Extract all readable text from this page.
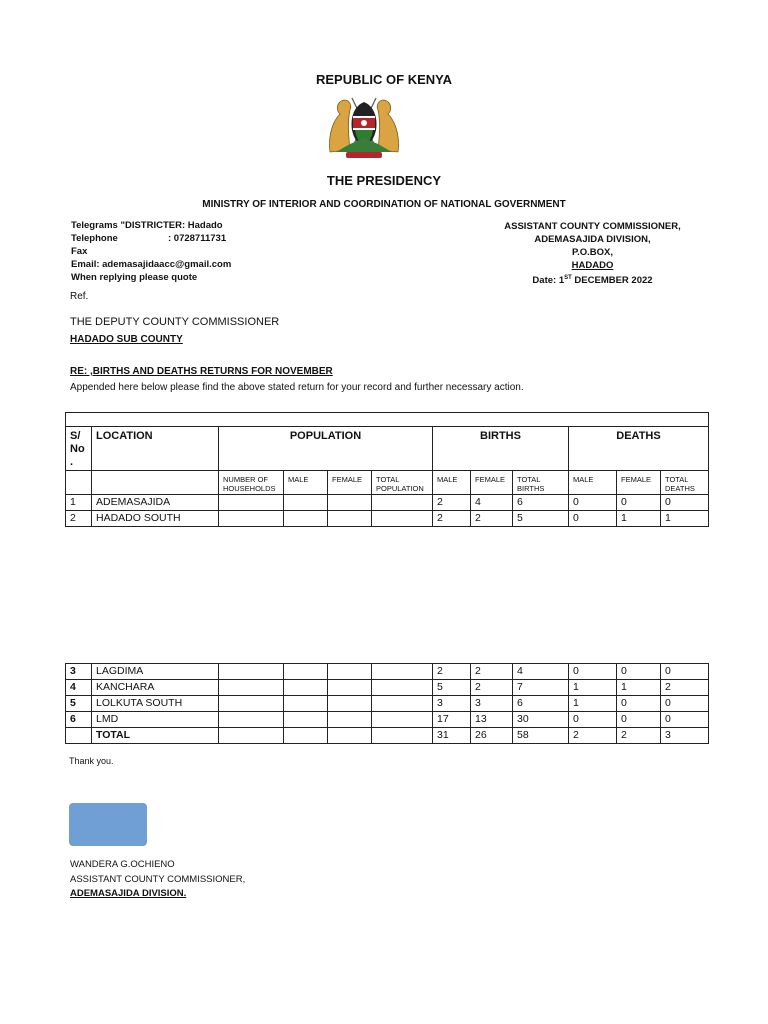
REPUBLIC OF KENYA
THE PRESIDENCY
MINISTRY OF INTERIOR AND COORDINATION OF NATIONAL GOVERNMENT
Telegrams "DISTRICTER: Hadado
Telephone	: 0728711731
Fax
Email: ademasajidaacc@gmail.com
When replying please quote
ASSISTANT COUNTY COMMISSIONER,
ADEMASAJIDA DIVISION,
P.O.BOX,
HADADO
Date: 1ST DECEMBER 2022
Ref.
THE DEPUTY COUNTY COMMISSIONER
HADADO SUB COUNTY
RE: ,BIRTHS AND DEATHS RETURNS FOR NOVEMBER
Appended here below please find the above stated return for your record and further necessary action.

S/ No .	LOCATION	POPULATION				BIRTHS			DEATHS		
		NUMBER OF HOUSEHOLDS	MALE	FEMALE	TOTAL POPULATION	MALE	FEMALE	TOTAL BIRTHS	MALE	FEMALE	TOTAL DEATHS
1	ADEMASAJIDA					2	4	6	0	0	0
2	HADADO SOUTH					2	2	5	0	1	1
3	LAGDIMA					2	2	4	0	0	0
4	KANCHARA					5	2	7	1	1	2
5	LOLKUTA SOUTH					3	3	6	1	0	0
6	LMD					17	13	30	0	0	0
	TOTAL					31	26	58	2	2	3
Thank you.
WANDERA G.OCHIENO
ASSISTANT COUNTY COMMISSIONER,
ADEMASAJIDA DIVISION.
